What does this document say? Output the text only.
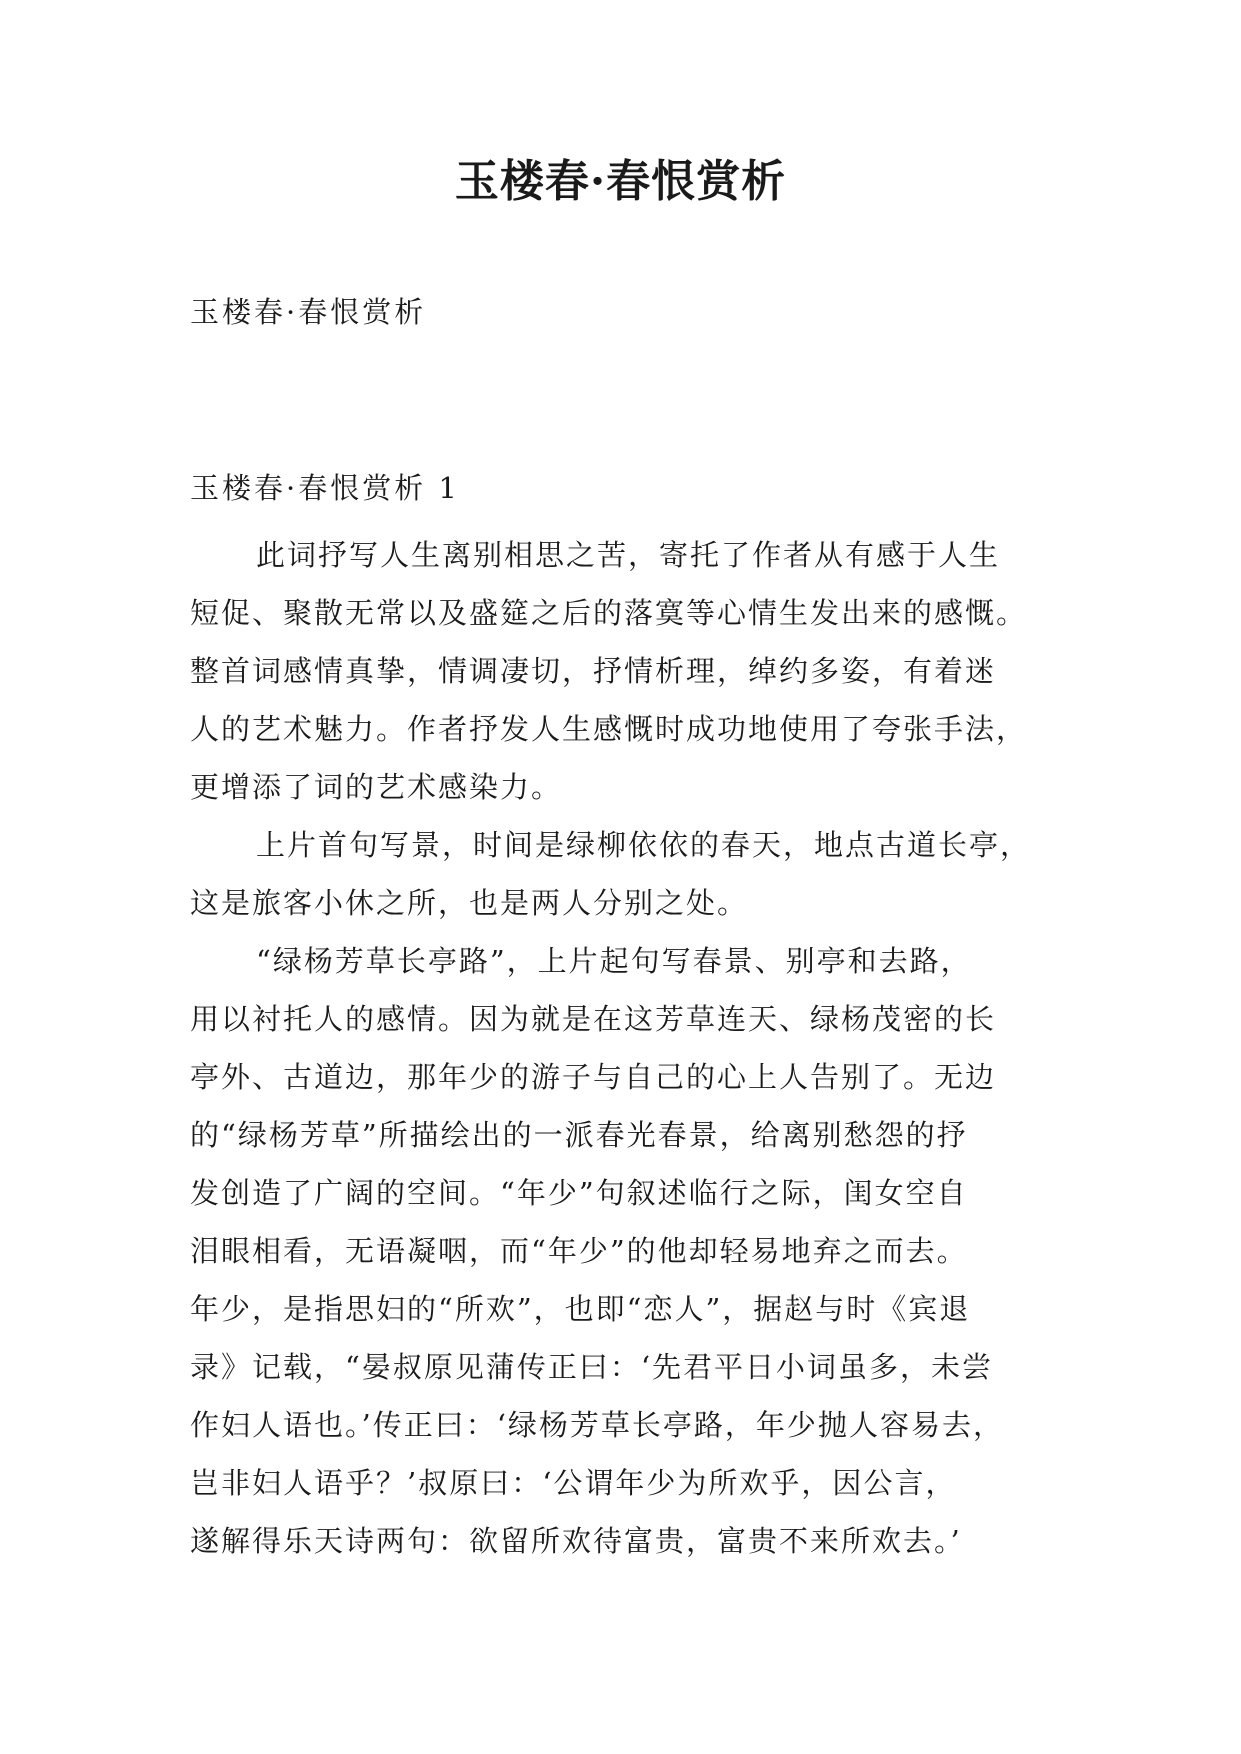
玉楼春·春恨赏析

玉楼春·春恨赏析

玉楼春·春恨赏析 1

此词抒写人生离别相思之苦，寄托了作者从有感于人生
短促、聚散无常以及盛筵之后的落寞等心情生发出来的感慨。
整首词感情真挚，情调凄切，抒情析理，绰约多姿，有着迷
人的艺术魅力。作者抒发人生感慨时成功地使用了夸张手法，
更增添了词的艺术感染力。
上片首句写景，时间是绿柳依依的春天，地点古道长亭，
这是旅客小休之所，也是两人分别之处。
“绿杨芳草长亭路”，上片起句写春景、别亭和去路，
用以衬托人的感情。因为就是在这芳草连天、绿杨茂密的长
亭外、古道边，那年少的游子与自己的心上人告别了。无边
的“绿杨芳草”所描绘出的一派春光春景，给离别愁怨的抒
发创造了广阔的空间。“年少”句叙述临行之际，闺女空自
泪眼相看，无语凝咽，而“年少”的他却轻易地弃之而去。
年少，是指思妇的“所欢”，也即“恋人”，据赵与时《宾退
录》记载，“晏叔原见蒲传正曰：‘先君平日小词虽多，未尝
作妇人语也。’传正曰：‘绿杨芳草长亭路，年少抛人容易去，
岂非妇人语乎？’叔原曰：‘公谓年少为所欢乎，因公言，
遂解得乐天诗两句：欲留所欢待富贵，富贵不来所欢去。’
